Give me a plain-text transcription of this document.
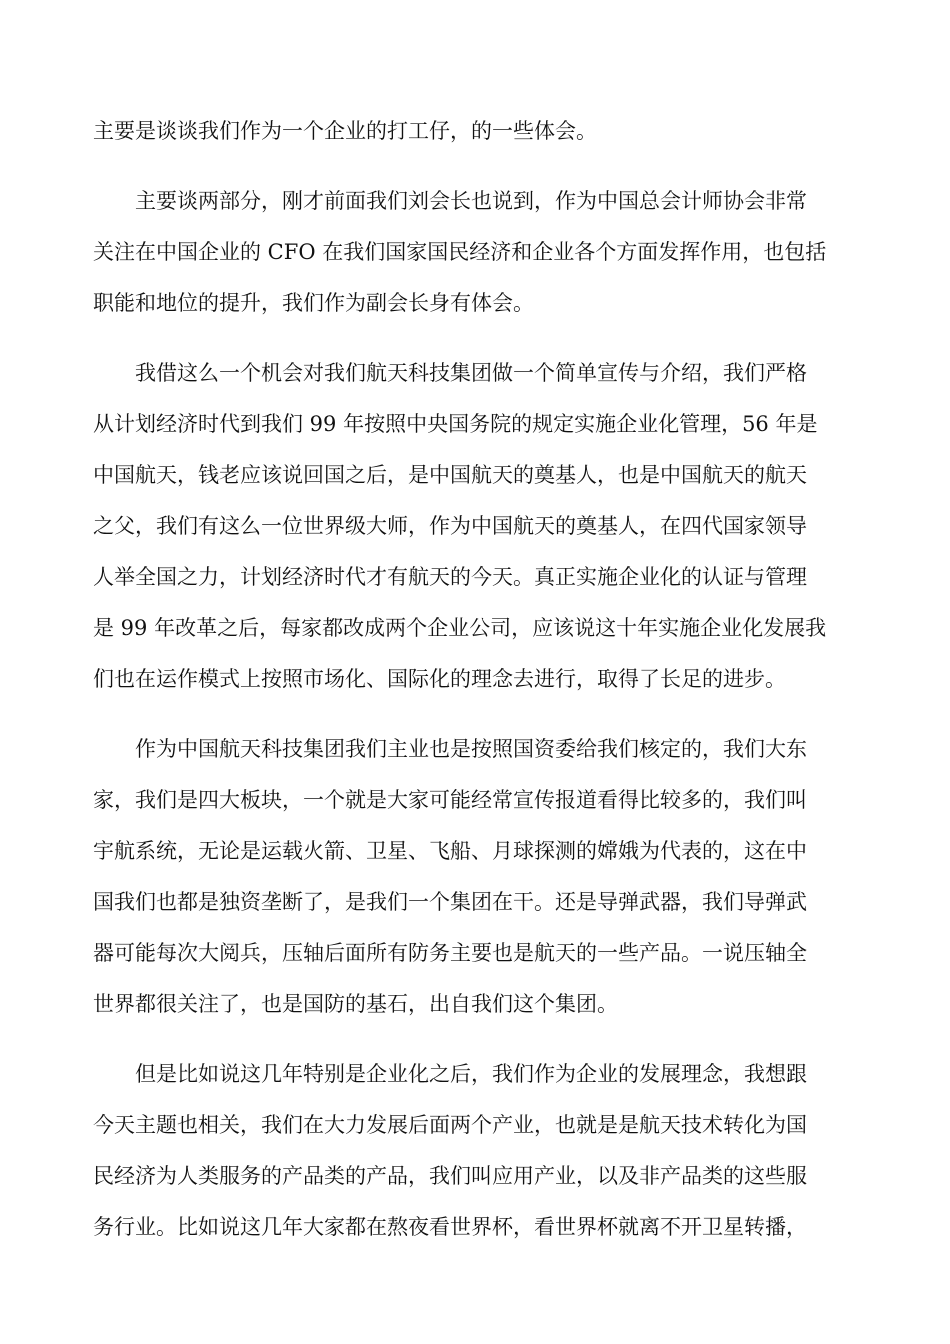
主要是谈谈我们作为一个企业的打工仔，的一些体会。
主要谈两部分，刚才前面我们刘会长也说到，作为中国总会计师协会非常
关注在中国企业的 CFO 在我们国家国民经济和企业各个方面发挥作用，也包括
职能和地位的提升，我们作为副会长身有体会。
我借这么一个机会对我们航天科技集团做一个简单宣传与介绍，我们严格
从计划经济时代到我们 99 年按照中央国务院的规定实施企业化管理，56 年是
中国航天，钱老应该说回国之后，是中国航天的奠基人，也是中国航天的航天
之父，我们有这么一位世界级大师，作为中国航天的奠基人，在四代国家领导
人举全国之力，计划经济时代才有航天的今天。真正实施企业化的认证与管理
是 99 年改革之后，每家都改成两个企业公司，应该说这十年实施企业化发展我
们也在运作模式上按照市场化、国际化的理念去进行，取得了长足的进步。
作为中国航天科技集团我们主业也是按照国资委给我们核定的，我们大东
家，我们是四大板块，一个就是大家可能经常宣传报道看得比较多的，我们叫
宇航系统，无论是运载火箭、卫星、飞船、月球探测的嫦娥为代表的，这在中
国我们也都是独资垄断了，是我们一个集团在干。还是导弹武器，我们导弹武
器可能每次大阅兵，压轴后面所有防务主要也是航天的一些产品。一说压轴全
世界都很关注了，也是国防的基石，出自我们这个集团。
但是比如说这几年特别是企业化之后，我们作为企业的发展理念，我想跟
今天主题也相关，我们在大力发展后面两个产业，也就是是航天技术转化为国
民经济为人类服务的产品类的产品，我们叫应用产业，以及非产品类的这些服
务行业。比如说这几年大家都在熬夜看世界杯，看世界杯就离不开卫星转播，
